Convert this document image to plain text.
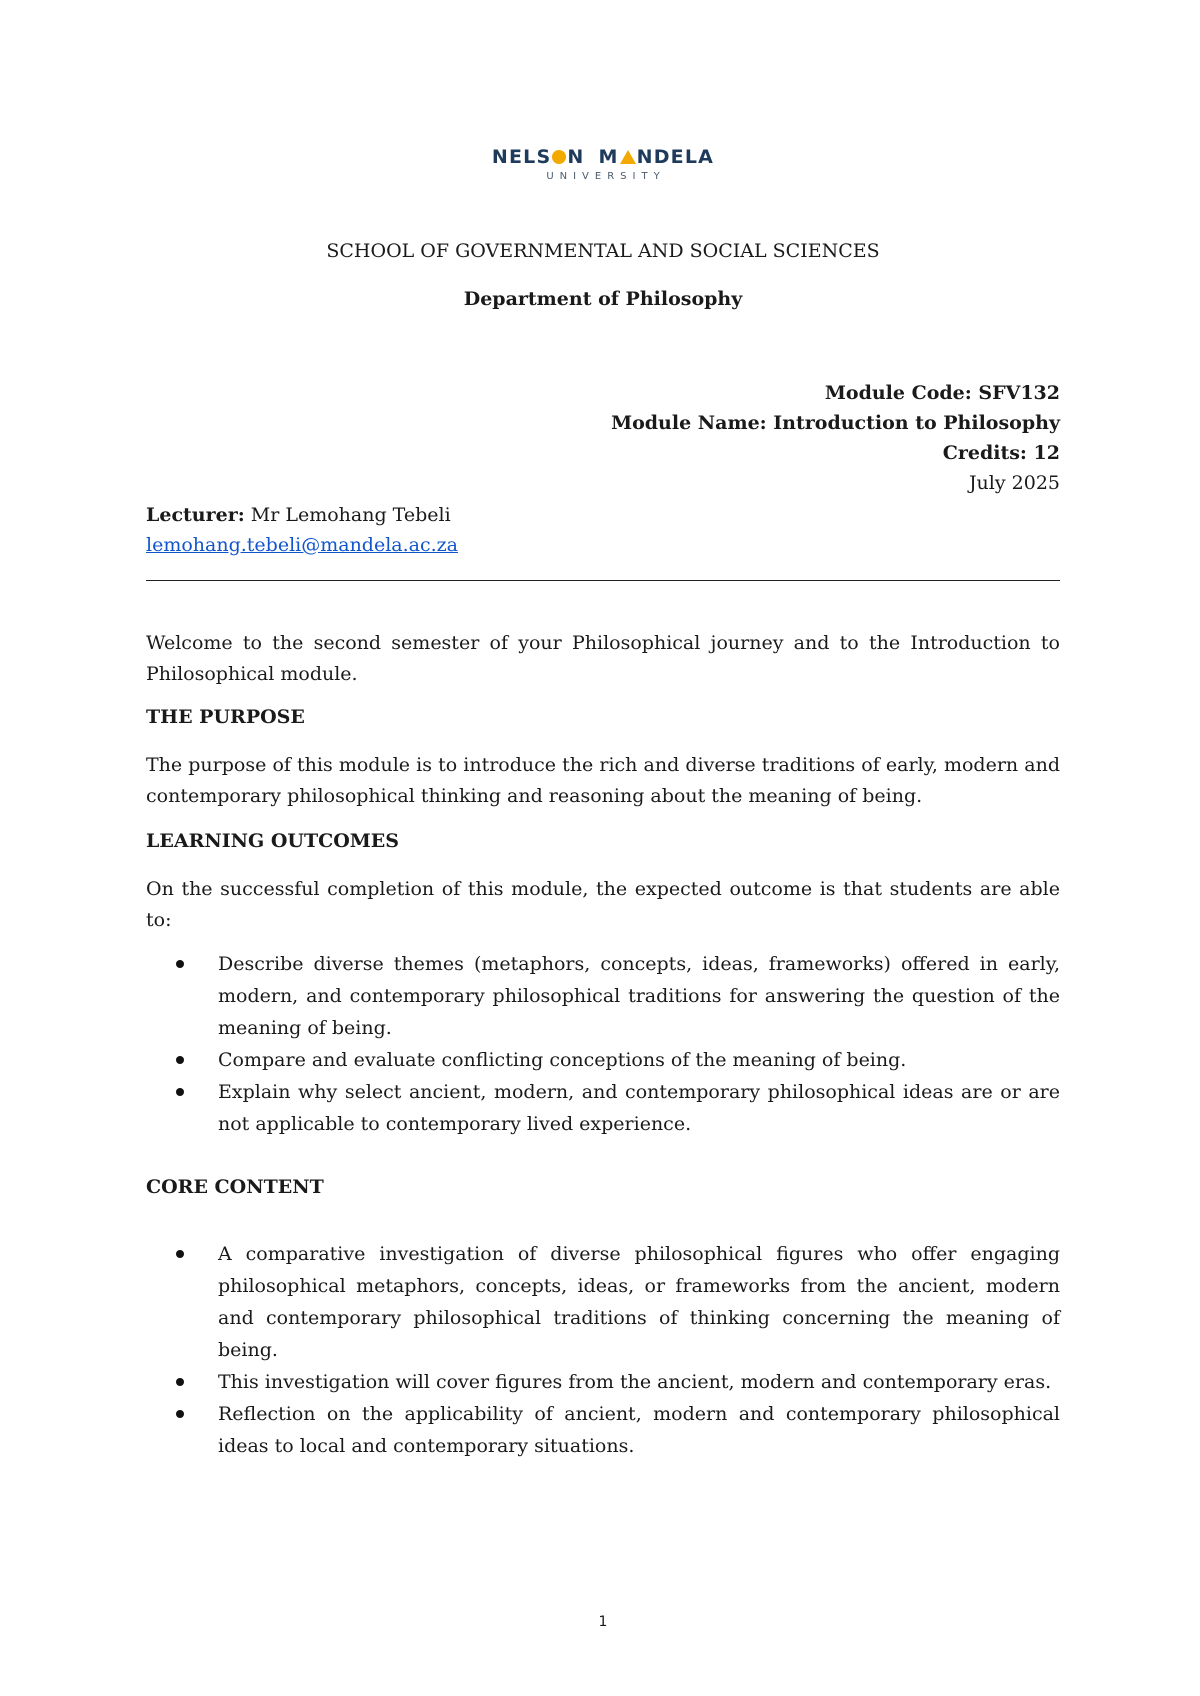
NELS N M NDELA
UNIVERSITY
SCHOOL OF GOVERNMENTAL AND SOCIAL SCIENCES
Department of Philosophy
Module Code: SFV132
Module Name: Introduction to Philosophy
Credits: 12
July 2025
Lecturer: Mr Lemohang Tebeli
lemohang.tebeli@mandela.ac.za
Welcome to the second semester of your Philosophical journey and to the Introduction to Philosophical module.
THE PURPOSE
The purpose of this module is to introduce the rich and diverse traditions of early, modern and contemporary philosophical thinking and reasoning about the meaning of being.
LEARNING OUTCOMES
On the successful completion of this module, the expected outcome is that students are able to:
Describe diverse themes (metaphors, concepts, ideas, frameworks) offered in early, modern, and contemporary philosophical traditions for answering the question of the meaning of being.
Compare and evaluate conflicting conceptions of the meaning of being.
Explain why select ancient, modern, and contemporary philosophical ideas are or are not applicable to contemporary lived experience.
CORE CONTENT
A comparative investigation of diverse philosophical figures who offer engaging philosophical metaphors, concepts, ideas, or frameworks from the ancient, modern and contemporary philosophical traditions of thinking concerning the meaning of being.
This investigation will cover figures from the ancient, modern and contemporary eras.
Reflection on the applicability of ancient, modern and contemporary philosophical ideas to local and contemporary situations.
1
